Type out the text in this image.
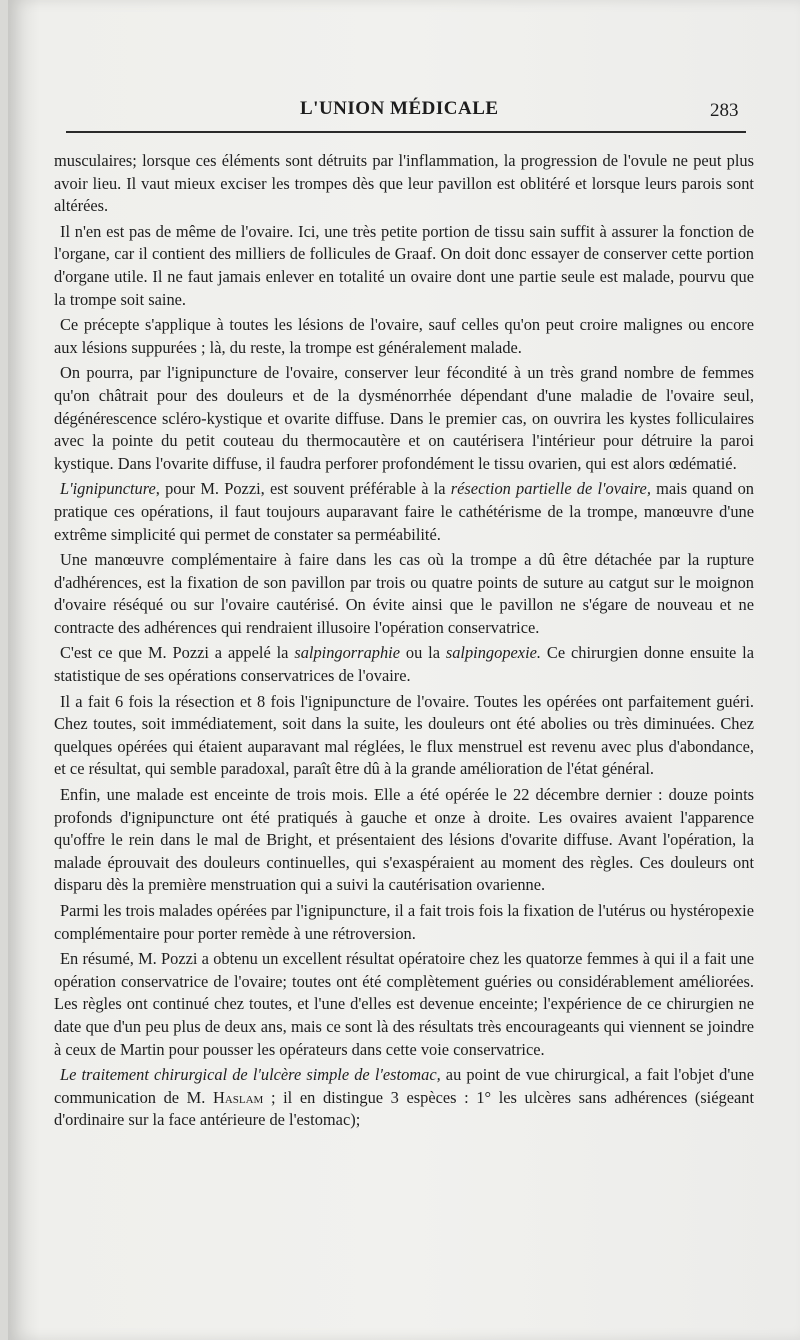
L'UNION MÉDICALE	283

musculaires; lorsque ces éléments sont détruits par l'inflammation, la progression de l'ovule ne peut plus avoir lieu. Il vaut mieux exciser les trompes dès que leur pavillon est oblitéré et lorsque leurs parois sont altérées.

Il n'en est pas de même de l'ovaire. Ici, une très petite portion de tissu sain suffit à assurer la fonction de l'organe, car il contient des milliers de follicules de Graaf. On doit donc essayer de conserver cette portion d'organe utile. Il ne faut jamais enlever en totalité un ovaire dont une partie seule est malade, pourvu que la trompe soit saine.

Ce précepte s'applique à toutes les lésions de l'ovaire, sauf celles qu'on peut croire malignes ou encore aux lésions suppurées ; là, du reste, la trompe est généralement malade.

On pourra, par l'ignipuncture de l'ovaire, conserver leur fécondité à un très grand nombre de femmes qu'on châtrait pour des douleurs et de la dysménorrhée dépendant d'une maladie de l'ovaire seul, dégénérescence scléro-kystique et ovarite diffuse. Dans le premier cas, on ouvrira les kystes folliculaires avec la pointe du petit couteau du thermocautère et on cautérisera l'intérieur pour détruire la paroi kystique. Dans l'ovarite diffuse, il faudra perforer profondément le tissu ovarien, qui est alors œdématié.

L'ignipuncture, pour M. Pozzi, est souvent préférable à la résection partielle de l'ovaire, mais quand on pratique ces opérations, il faut toujours auparavant faire le cathétérisme de la trompe, manœuvre d'une extrême simplicité qui permet de constater sa perméabilité.

Une manœuvre complémentaire à faire dans les cas où la trompe a dû être détachée par la rupture d'adhérences, est la fixation de son pavillon par trois ou quatre points de suture au catgut sur le moignon d'ovaire réséqué ou sur l'ovaire cautérisé. On évite ainsi que le pavillon ne s'égare de nouveau et ne contracte des adhérences qui rendraient illusoire l'opération conservatrice.

C'est ce que M. Pozzi a appelé la salpingorraphie ou la salpingopexie. Ce chirurgien donne ensuite la statistique de ses opérations conservatrices de l'ovaire.

Il a fait 6 fois la résection et 8 fois l'ignipuncture de l'ovaire. Toutes les opérées ont parfaitement guéri. Chez toutes, soit immédiatement, soit dans la suite, les douleurs ont été abolies ou très diminuées. Chez quelques opérées qui étaient auparavant mal réglées, le flux menstruel est revenu avec plus d'abondance, et ce résultat, qui semble paradoxal, paraît être dû à la grande amélioration de l'état général.

Enfin, une malade est enceinte de trois mois. Elle a été opérée le 22 décembre dernier : douze points profonds d'ignipuncture ont été pratiqués à gauche et onze à droite. Les ovaires avaient l'apparence qu'offre le rein dans le mal de Bright, et présentaient des lésions d'ovarite diffuse. Avant l'opération, la malade éprouvait des douleurs continuelles, qui s'exaspéraient au moment des règles. Ces douleurs ont disparu dès la première menstruation qui a suivi la cautérisation ovarienne.

Parmi les trois malades opérées par l'ignipuncture, il a fait trois fois la fixation de l'utérus ou hystéropexie complémentaire pour porter remède à une rétroversion.

En résumé, M. Pozzi a obtenu un excellent résultat opératoire chez les quatorze femmes à qui il a fait une opération conservatrice de l'ovaire; toutes ont été complètement guéries ou considérablement améliorées. Les règles ont continué chez toutes, et l'une d'elles est devenue enceinte; l'expérience de ce chirurgien ne date que d'un peu plus de deux ans, mais ce sont là des résultats très encourageants qui viennent se joindre à ceux de Martin pour pousser les opérateurs dans cette voie conservatrice.

Le traitement chirurgical de l'ulcère simple de l'estomac, au point de vue chirurgical, a fait l'objet d'une communication de M. Haslam ; il en distingue 3 espèces : 1° les ulcères sans adhérences (siégeant d'ordinaire sur la face antérieure de l'estomac);
